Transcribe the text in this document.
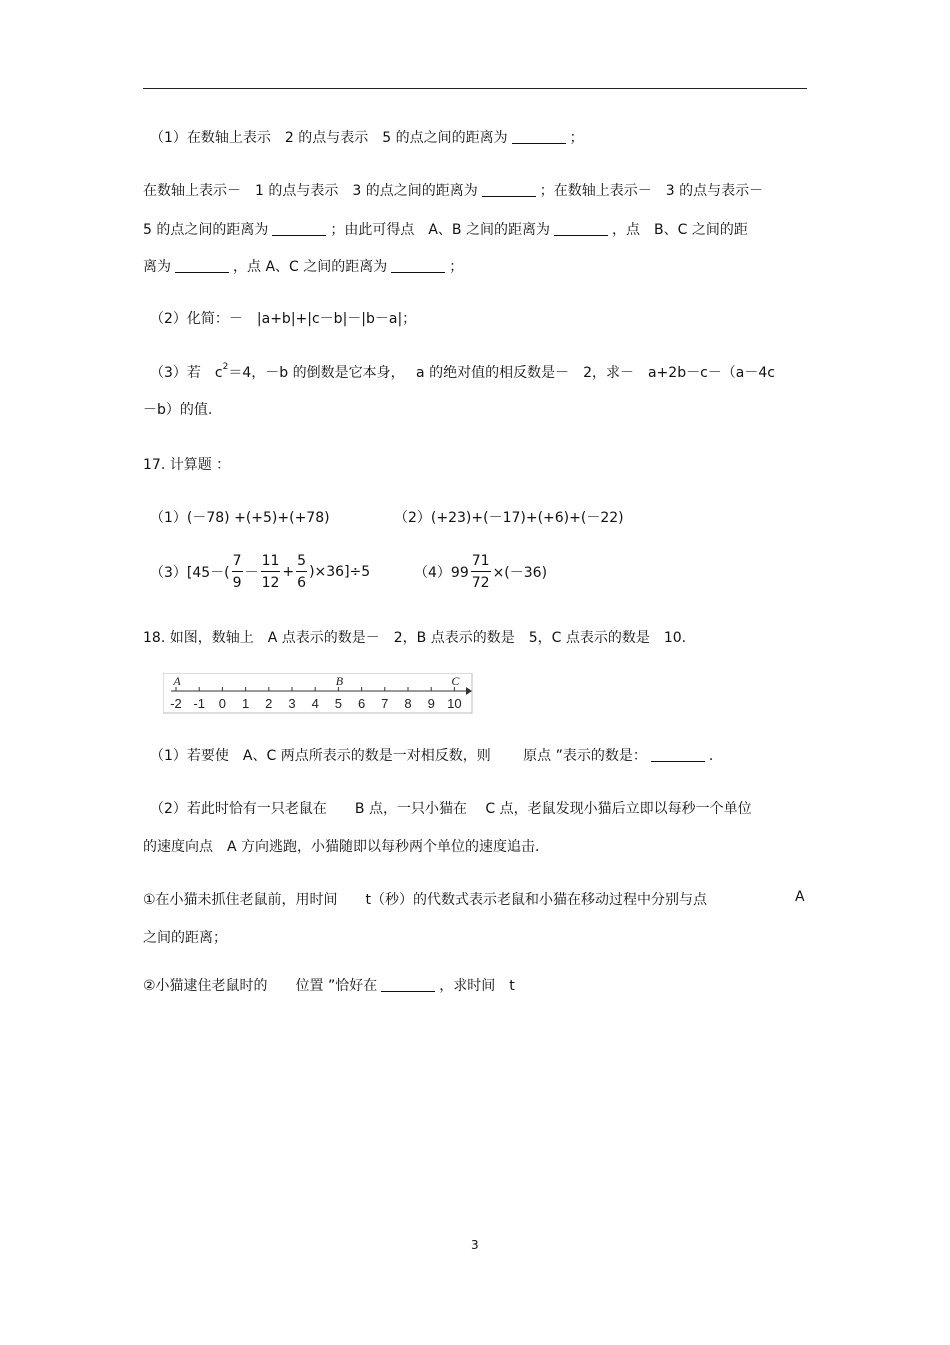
（1）在数轴上表示　2 的点与表示　5 的点之间的距离为	；
在数轴上表示－　1 的点与表示　3 的点之间的距离为	；在数轴上表示－　3 的点与表示－
5 的点之间的距离为	；由此可得点　A、B 之间的距离为	，点　B、C 之间的距
离为	，点 A、C 之间的距离为	；
（2）化简：－　|a+b|+|c－b|－|b－a|；
（3）若　$c^2=4$，－b 的倒数是它本身，　 a 的绝对值的相反数是－　2，求－　a+2b－c－（a－4c
－b）的值.
17. 计算题 ：
（1）(－78) +(+5)+(+78)	（2）(+23)+(－17)+(+6)+(－22)
$(3)[45-( \frac{7}{9} - \frac{11}{12} + \frac{5}{6} )\times 36]\div 5$	$(4)99 \frac{71}{72} \times(-36)$
18. 如图，数轴上　A 点表示的数是－　2，B 点表示的数是　5，C 点表示的数是　10.
-2 -1 0 1 2 3 4 5 6 7 8 9 10
A	B	C
（1）若要使　A、C 两点所表示的数是一对相反数，则　　 原点 ”表示的数是：	.
（2）若此时恰有一只老鼠在　　B 点，一只小猫在　 C 点，老鼠发现小猫后立即以每秒一个单位
的速度向点　A 方向逃跑，小猫随即以每秒两个单位的速度追击.
①在小猫未抓住老鼠前，用时间　　t（秒）的代数式表示老鼠和小猫在移动过程中分别与点	A
之间的距离；
②小猫逮住老鼠时的　　位置 ”恰好在	，求时间　t
3
